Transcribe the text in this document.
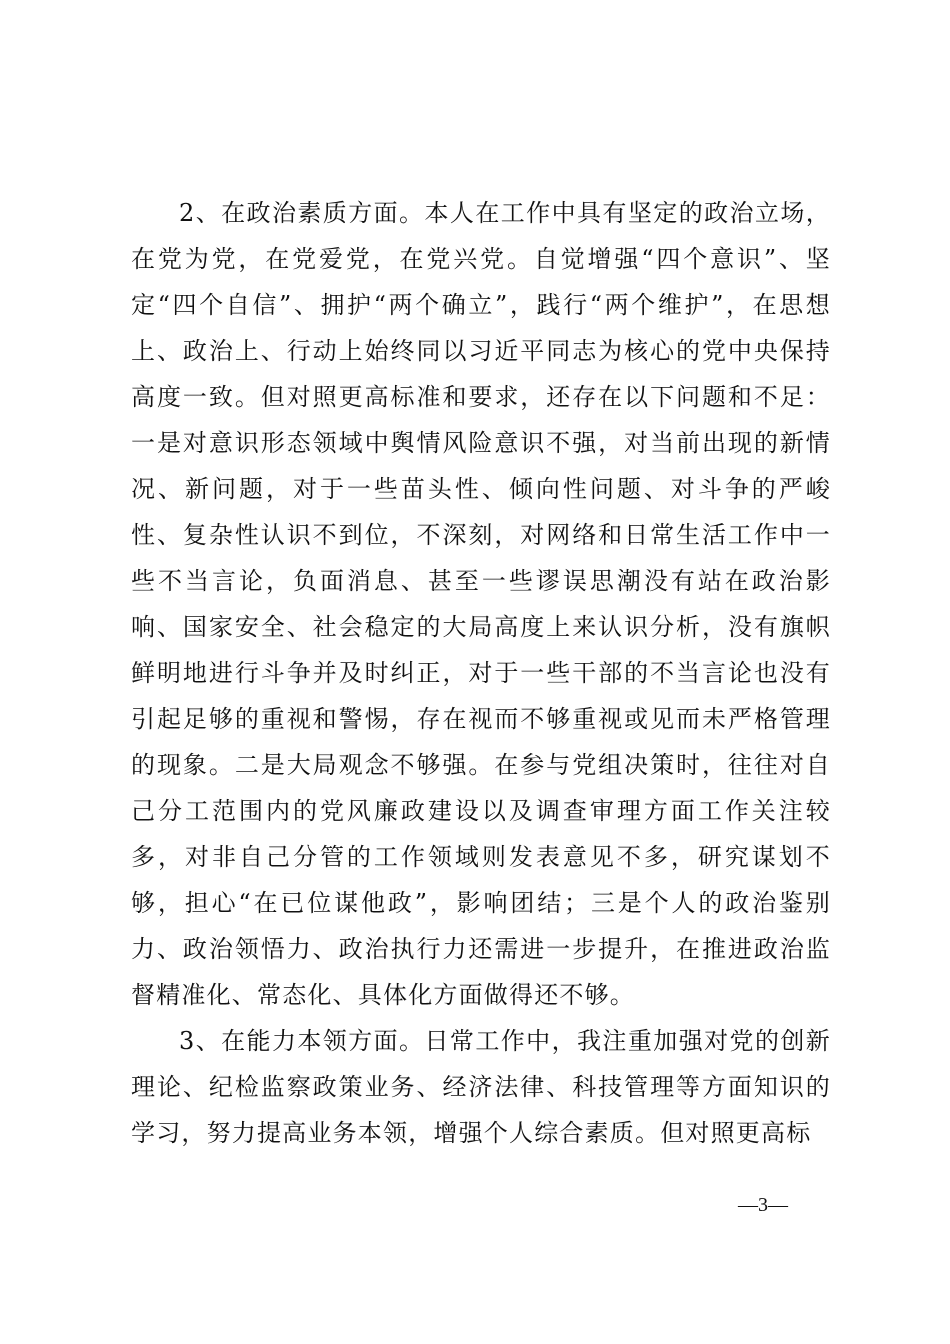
2、在政治素质方面。本人在工作中具有坚定的政治立场，在党为党，在党爱党，在党兴党。自觉增强“四个意识”、坚定“四个自信”、拥护“两个确立”，践行“两个维护”，在思想上、政治上、行动上始终同以习近平同志为核心的党中央保持高度一致。但对照更高标准和要求，还存在以下问题和不足：一是对意识形态领域中舆情风险意识不强，对当前出现的新情况、新问题，对于一些苗头性、倾向性问题、对斗争的严峻性、复杂性认识不到位，不深刻，对网络和日常生活工作中一些不当言论，负面消息、甚至一些谬误思潮没有站在政治影响、国家安全、社会稳定的大局高度上来认识分析，没有旗帜鲜明地进行斗争并及时纠正，对于一些干部的不当言论也没有引起足够的重视和警惕，存在视而不够重视或见而未严格管理的现象。二是大局观念不够强。在参与党组决策时，往往对自己分工范围内的党风廉政建设以及调查审理方面工作关注较多，对非自己分管的工作领域则发表意见不多，研究谋划不够，担心“在已位谋他政”，影响团结；三是个人的政治鉴别力、政治领悟力、政治执行力还需进一步提升，在推进政治监督精准化、常态化、具体化方面做得还不够。

3、在能力本领方面。日常工作中，我注重加强对党的创新理论、纪检监察政策业务、经济法律、科技管理等方面知识的学习，努力提高业务本领，增强个人综合素质。但对照更高标

—3—
